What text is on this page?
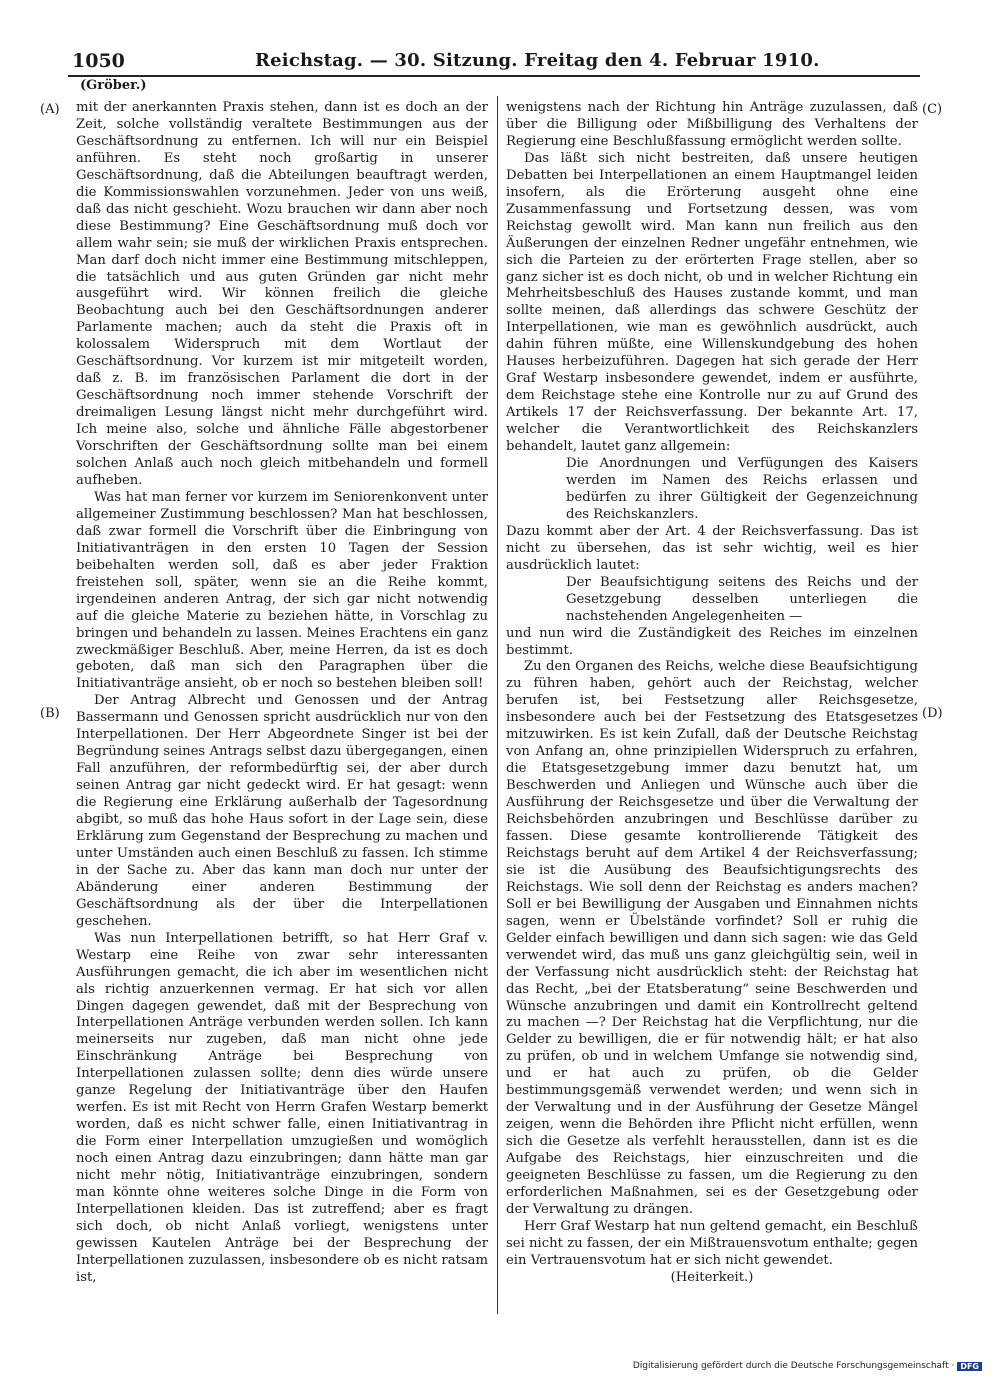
1050	Reichstag. — 30. Sitzung. Freitag den 4. Februar 1910.
(Gröber.)
(A)
(B)
(C)
(D)

mit der anerkannten Praxis stehen, dann ist es doch an der Zeit, solche vollständig veraltete Bestimmungen aus der Geschäftsordnung zu entfernen. Ich will nur ein Beispiel anführen. Es steht noch großartig in unserer Geschäftsordnung, daß die Abteilungen beauftragt werden, die Kommissionswahlen vorzunehmen. Jeder von uns weiß, daß das nicht geschieht. Wozu brauchen wir dann aber noch diese Bestimmung? Eine Geschäftsordnung muß doch vor allem wahr sein; sie muß der wirklichen Praxis entsprechen. Man darf doch nicht immer eine Bestimmung mitschleppen, die tatsächlich und aus guten Gründen gar nicht mehr ausgeführt wird. Wir können freilich die gleiche Beobachtung auch bei den Geschäftsordnungen anderer Parlamente machen; auch da steht die Praxis oft in kolossalem Widerspruch mit dem Wortlaut der Geschäftsordnung. Vor kurzem ist mir mitgeteilt worden, daß z. B. im französischen Parlament die dort in der Geschäftsordnung noch immer stehende Vorschrift der dreimaligen Lesung längst nicht mehr durchgeführt wird. Ich meine also, solche und ähnliche Fälle abgestorbener Vorschriften der Geschäftsordnung sollte man bei einem solchen Anlaß auch noch gleich mitbehandeln und formell aufheben.

Was hat man ferner vor kurzem im Seniorenkonvent unter allgemeiner Zustimmung beschlossen? Man hat beschlossen, daß zwar formell die Vorschrift über die Einbringung von Initiativanträgen in den ersten 10 Tagen der Session beibehalten werden soll, daß es aber jeder Fraktion freistehen soll, später, wenn sie an die Reihe kommt, irgendeinen anderen Antrag, der sich gar nicht notwendig auf die gleiche Materie zu beziehen hätte, in Vorschlag zu bringen und behandeln zu lassen. Meines Erachtens ein ganz zweckmäßiger Beschluß. Aber, meine Herren, da ist es doch geboten, daß man sich den Paragraphen über die Initiativanträge ansieht, ob er noch so bestehen bleiben soll!

Der Antrag Albrecht und Genossen und der Antrag Bassermann und Genossen spricht ausdrücklich nur von den Interpellationen. Der Herr Abgeordnete Singer ist bei der Begründung seines Antrags selbst dazu übergegangen, einen Fall anzuführen, der reformbedürftig sei, der aber durch seinen Antrag gar nicht gedeckt wird. Er hat gesagt: wenn die Regierung eine Erklärung außerhalb der Tagesordnung abgibt, so muß das hohe Haus sofort in der Lage sein, diese Erklärung zum Gegenstand der Besprechung zu machen und unter Umständen auch einen Beschluß zu fassen. Ich stimme in der Sache zu. Aber das kann man doch nur unter der Abänderung einer anderen Bestimmung der Geschäftsordnung als der über die Interpellationen geschehen.

Was nun Interpellationen betrifft, so hat Herr Graf v. Westarp eine Reihe von zwar sehr interessanten Ausführungen gemacht, die ich aber im wesentlichen nicht als richtig anzuerkennen vermag. Er hat sich vor allen Dingen dagegen gewendet, daß mit der Besprechung von Interpellationen Anträge verbunden werden sollen. Ich kann meinerseits nur zugeben, daß man nicht ohne jede Einschränkung Anträge bei Besprechung von Interpellationen zulassen sollte; denn dies würde unsere ganze Regelung der Initiativanträge über den Haufen werfen. Es ist mit Recht von Herrn Grafen Westarp bemerkt worden, daß es nicht schwer falle, einen Initiativantrag in die Form einer Interpellation umzugießen und womöglich noch einen Antrag dazu einzubringen; dann hätte man gar nicht mehr nötig, Initiativanträge einzubringen, sondern man könnte ohne weiteres solche Dinge in die Form von Interpellationen kleiden. Das ist zutreffend; aber es fragt sich doch, ob nicht Anlaß vorliegt, wenigstens unter gewissen Kautelen Anträge bei der Besprechung der Interpellationen zuzulassen, insbesondere ob es nicht ratsam ist,

wenigstens nach der Richtung hin Anträge zuzulassen, daß über die Billigung oder Mißbilligung des Verhaltens der Regierung eine Beschlußfassung ermöglicht werden sollte.

Das läßt sich nicht bestreiten, daß unsere heutigen Debatten bei Interpellationen an einem Hauptmangel leiden insofern, als die Erörterung ausgeht ohne eine Zusammenfassung und Fortsetzung dessen, was vom Reichstag gewollt wird. Man kann nun freilich aus den Äußerungen der einzelnen Redner ungefähr entnehmen, wie sich die Parteien zu der erörterten Frage stellen, aber so ganz sicher ist es doch nicht, ob und in welcher Richtung ein Mehrheitsbeschluß des Hauses zustande kommt, und man sollte meinen, daß allerdings das schwere Geschütz der Interpellationen, wie man es gewöhnlich ausdrückt, auch dahin führen müßte, eine Willenskundgebung des hohen Hauses herbeizuführen. Dagegen hat sich gerade der Herr Graf Westarp insbesondere gewendet, indem er ausführte, dem Reichstage stehe eine Kontrolle nur zu auf Grund des Artikels 17 der Reichsverfassung. Der bekannte Art. 17, welcher die Verantwortlichkeit des Reichskanzlers behandelt, lautet ganz allgemein:

Die Anordnungen und Verfügungen des Kaisers werden im Namen des Reichs erlassen und bedürfen zu ihrer Gültigkeit der Gegenzeichnung des Reichskanzlers.

Dazu kommt aber der Art. 4 der Reichsverfassung. Das ist nicht zu übersehen, das ist sehr wichtig, weil es hier ausdrücklich lautet:

Der Beaufsichtigung seitens des Reichs und der Gesetzgebung desselben unterliegen die nachstehenden Angelegenheiten —

und nun wird die Zuständigkeit des Reiches im einzelnen bestimmt.

Zu den Organen des Reichs, welche diese Beaufsichtigung zu führen haben, gehört auch der Reichstag, welcher berufen ist, bei Festsetzung aller Reichsgesetze, insbesondere auch bei der Festsetzung des Etatsgesetzes mitzuwirken. Es ist kein Zufall, daß der Deutsche Reichstag von Anfang an, ohne prinzipiellen Widerspruch zu erfahren, die Etatsgesetzgebung immer dazu benutzt hat, um Beschwerden und Anliegen und Wünsche auch über die Ausführung der Reichsgesetze und über die Verwaltung der Reichsbehörden anzubringen und Beschlüsse darüber zu fassen. Diese gesamte kontrollierende Tätigkeit des Reichstags beruht auf dem Artikel 4 der Reichsverfassung; sie ist die Ausübung des Beaufsichtigungsrechts des Reichstags. Wie soll denn der Reichstag es anders machen? Soll er bei Bewilligung der Ausgaben und Einnahmen nichts sagen, wenn er Übelstände vorfindet? Soll er ruhig die Gelder einfach bewilligen und dann sich sagen: wie das Geld verwendet wird, das muß uns ganz gleichgültig sein, weil in der Verfassung nicht ausdrücklich steht: der Reichstag hat das Recht, „bei der Etatsberatung“ seine Beschwerden und Wünsche anzubringen und damit ein Kontrollrecht geltend zu machen —? Der Reichstag hat die Verpflichtung, nur die Gelder zu bewilligen, die er für notwendig hält; er hat also zu prüfen, ob und in welchem Umfange sie notwendig sind, und er hat auch zu prüfen, ob die Gelder bestimmungsgemäß verwendet werden; und wenn sich in der Verwaltung und in der Ausführung der Gesetze Mängel zeigen, wenn die Behörden ihre Pflicht nicht erfüllen, wenn sich die Gesetze als verfehlt herausstellen, dann ist es die Aufgabe des Reichstags, hier einzuschreiten und die geeigneten Beschlüsse zu fassen, um die Regierung zu den erforderlichen Maßnahmen, sei es der Gesetzgebung oder der Verwaltung zu drängen.

Herr Graf Westarp hat nun geltend gemacht, ein Beschluß sei nicht zu fassen, der ein Mißtrauensvotum enthalte; gegen ein Vertrauensvotum hat er sich nicht gewendet.

(Heiterkeit.)

Digitalisierung gefördert durch die Deutsche Forschungsgemeinschaft · DFG
